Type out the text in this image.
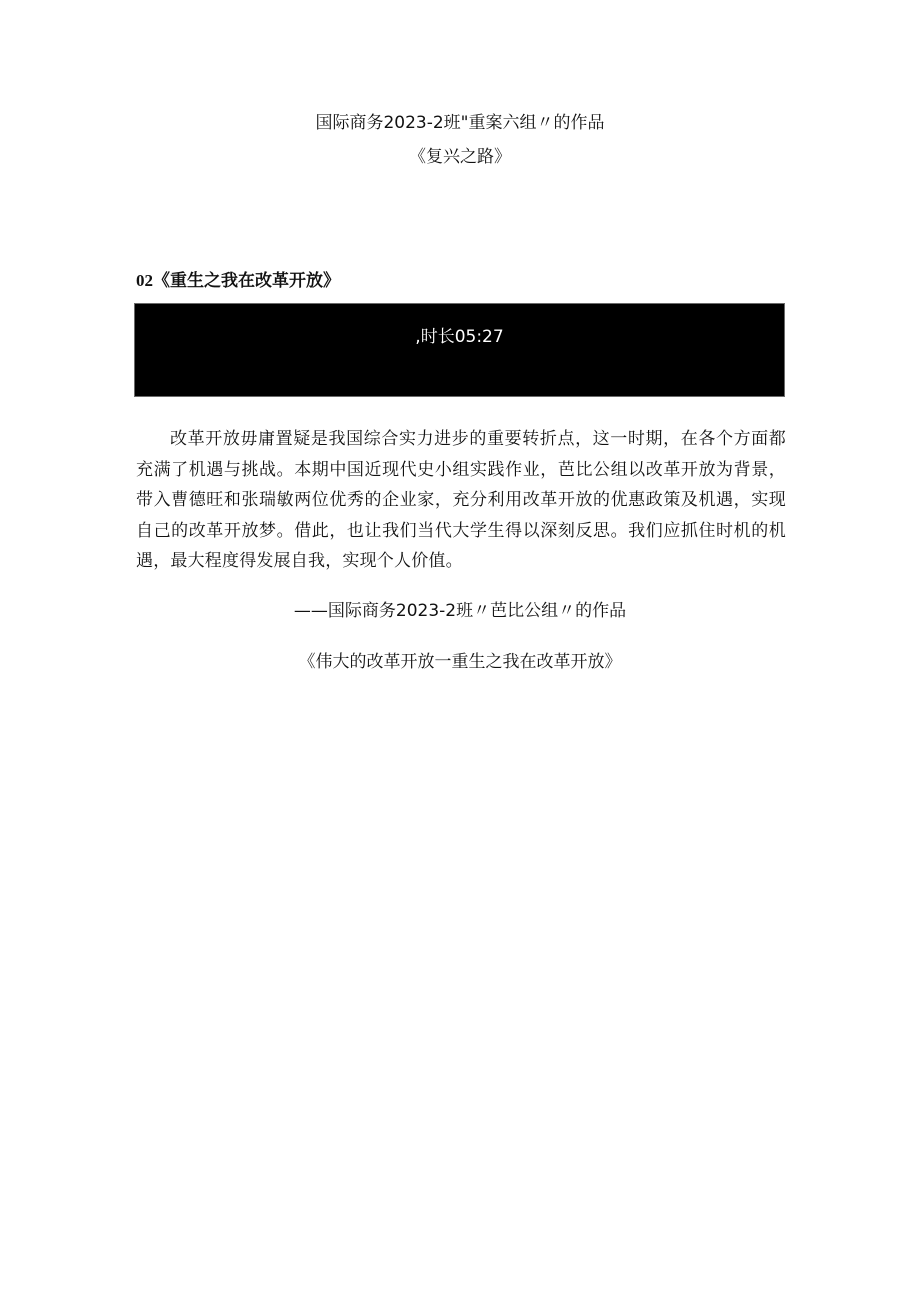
国际商务2023-2班"重案六组〃的作品
《复兴之路》
02《重生之我在改革开放》
,时长05:27
改革开放毋庸置疑是我国综合实力进步的重要转折点，这一时期，在各个方面都充满了机遇与挑战。本期中国近现代史小组实践作业，芭比公组以改革开放为背景，带入曹德旺和张瑞敏两位优秀的企业家，充分利用改革开放的优惠政策及机遇，实现自己的改革开放梦。借此，也让我们当代大学生得以深刻反思。我们应抓住时机的机遇，最大程度得发展自我，实现个人价值。
——国际商务2023-2班〃芭比公组〃的作品
《伟大的改革开放一重生之我在改革开放》
